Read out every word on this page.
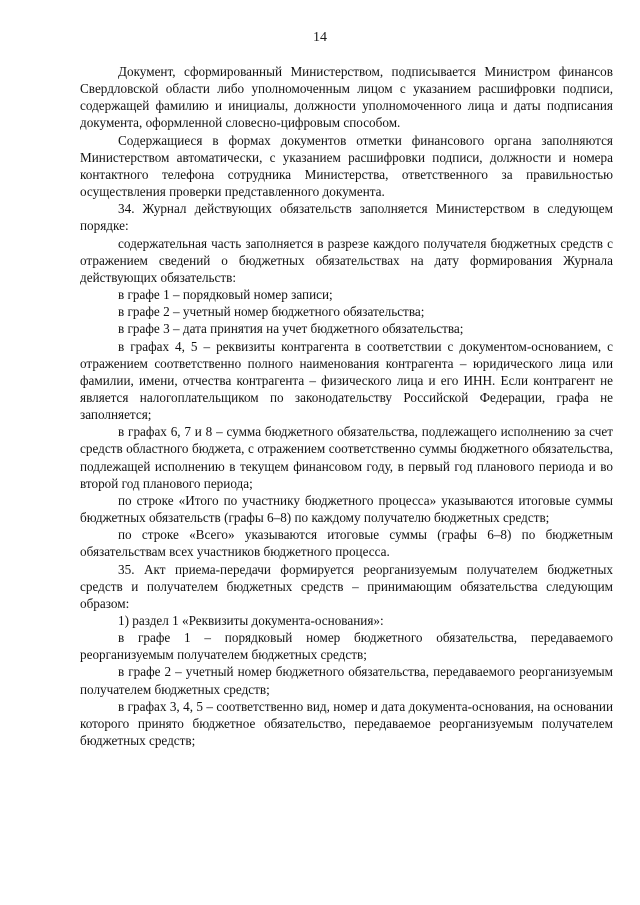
14

Документ, сформированный Министерством, подписывается Министром финансов Свердловской области либо уполномоченным лицом с указанием расшифровки подписи, содержащей фамилию и инициалы, должности уполномоченного лица и даты подписания документа, оформленной словесно-цифровым способом.

Содержащиеся в формах документов отметки финансового органа заполняются Министерством автоматически, с указанием расшифровки подписи, должности и номера контактного телефона сотрудника Министерства, ответственного за правильностью осуществления проверки представленного документа.

34. Журнал действующих обязательств заполняется Министерством в следующем порядке:

содержательная часть заполняется в разрезе каждого получателя бюджетных средств с отражением сведений о бюджетных обязательствах на дату формирования Журнала действующих обязательств:

в графе 1 – порядковый номер записи;

в графе 2 – учетный номер бюджетного обязательства;

в графе 3 – дата принятия на учет бюджетного обязательства;

в графах 4, 5 – реквизиты контрагента в соответствии с документом-основанием, с отражением соответственно полного наименования контрагента – юридического лица или фамилии, имени, отчества контрагента – физического лица и его ИНН. Если контрагент не является налогоплательщиком по законодательству Российской Федерации, графа не заполняется;

в графах 6, 7 и 8 – сумма бюджетного обязательства, подлежащего исполнению за счет средств областного бюджета, с отражением соответственно суммы бюджетного обязательства, подлежащей исполнению в текущем финансовом году, в первый год планового периода и во второй год планового периода;

по строке «Итого по участнику бюджетного процесса» указываются итоговые суммы бюджетных обязательств (графы 6–8) по каждому получателю бюджетных средств;

по строке «Всего» указываются итоговые суммы (графы 6–8) по бюджетным обязательствам всех участников бюджетного процесса.

35. Акт приема-передачи формируется реорганизуемым получателем бюджетных средств и получателем бюджетных средств – принимающим обязательства следующим образом:

1) раздел 1 «Реквизиты документа-основания»:

в графе 1 – порядковый номер бюджетного обязательства, передаваемого реорганизуемым получателем бюджетных средств;

в графе 2 – учетный номер бюджетного обязательства, передаваемого реорганизуемым получателем бюджетных средств;

в графах 3, 4, 5 – соответственно вид, номер и дата документа-основания, на основании которого принято бюджетное обязательство, передаваемое реорганизуемым получателем бюджетных средств;
